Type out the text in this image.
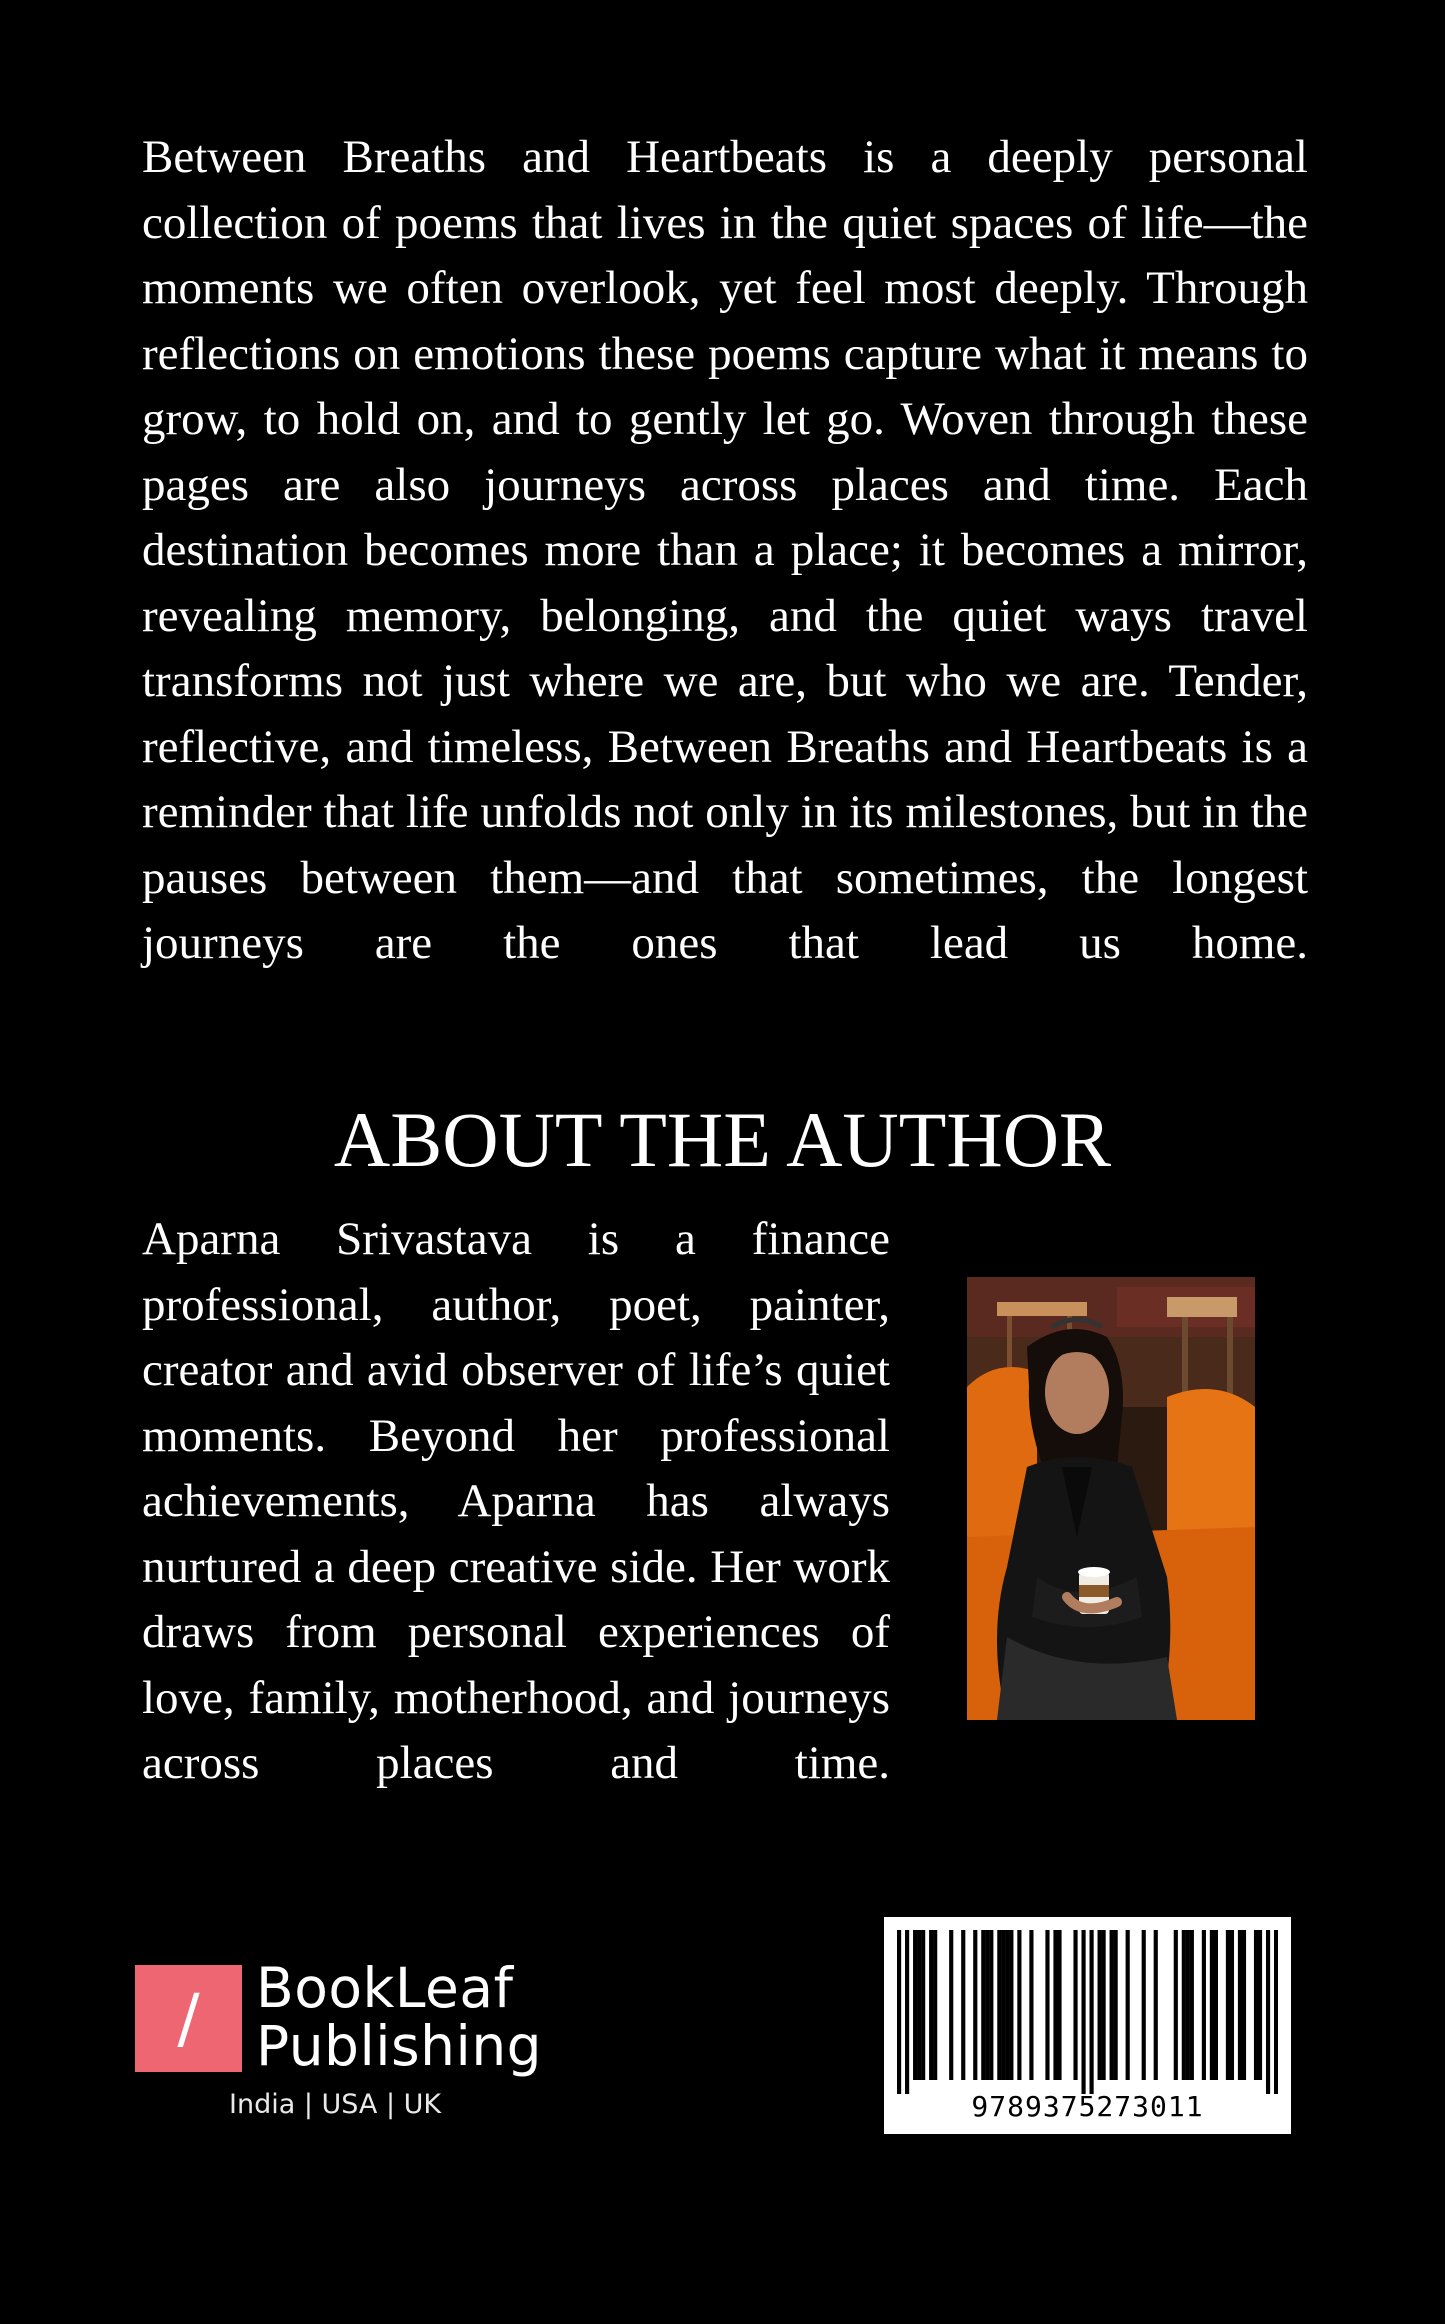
Between Breaths and Heartbeats is a deeply personal collection of poems that lives in the quiet spaces of life—the moments we often overlook, yet feel most deeply. Through reflections on emotions these poems capture what it means to grow, to hold on, and to gently let go. Woven through these pages are also journeys across places and time. Each destination becomes more than a place; it becomes a mirror, revealing memory, belonging, and the quiet ways travel transforms not just where we are, but who we are. Tender, reflective, and timeless, Between Breaths and Heartbeats is a reminder that life unfolds not only in its milestones, but in the pauses between them—and that sometimes, the longest journeys are the ones that lead us home.

ABOUT THE AUTHOR

Aparna Srivastava is a finance professional, author, poet, painter, creator and avid observer of life’s quiet moments. Beyond her professional achievements, Aparna has always nurtured a deep creative side. Her work draws from personal experiences of love, family, motherhood, and journeys across places and time.

/	BookLeaf
Publishing
India | USA | UK	9789375273011
